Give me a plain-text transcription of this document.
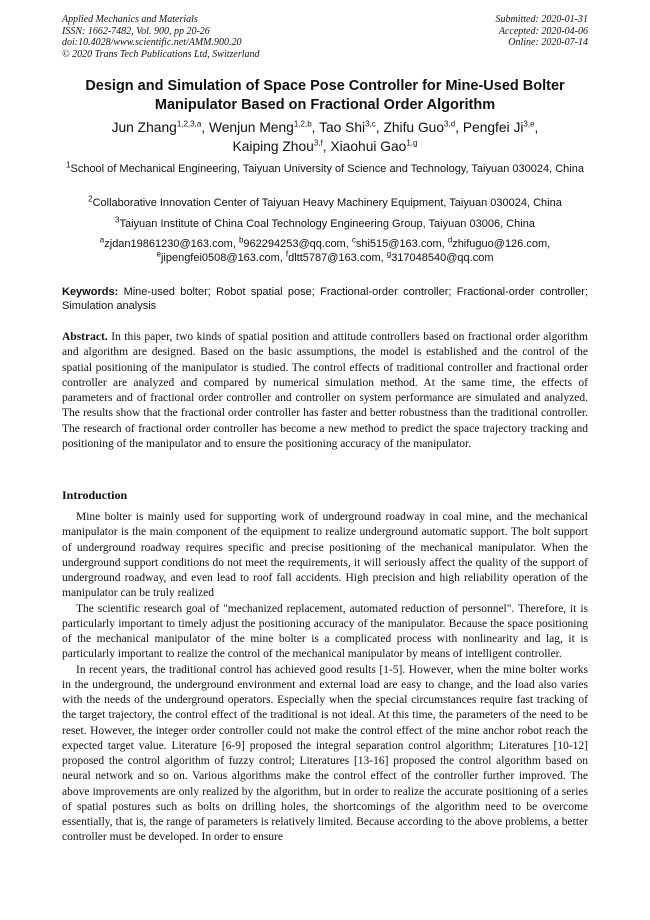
Applied Mechanics and Materials
ISSN: 1662-7482, Vol. 900, pp 20-26
doi:10.4028/www.scientific.net/AMM.900.20
© 2020 Trans Tech Publications Ltd, Switzerland
Submitted: 2020-01-31
Accepted: 2020-04-06
Online: 2020-07-14
Design and Simulation of Space Pose Controller for Mine-Used Bolter
Manipulator Based on Fractional Order Algorithm
Jun Zhang$^{1,2,3,a}$, Wenjun Meng$^{1,2,b}$, Tao Shi$^{3,c}$, Zhifu Guo$^{3,d}$, Pengfei Ji$^{3,e}$,
Kaiping Zhou$^{3,f}$, Xiaohui Gao$^{1,g}$
$^1$School of Mechanical Engineering, Taiyuan University of Science and Technology, Taiyuan 030024, China
$^2$Collaborative Innovation Center of Taiyuan Heavy Machinery Equipment, Taiyuan 030024, China
$^3$Taiyuan Institute of China Coal Technology Engineering Group, Taiyuan 03006, China
$^a$zjdan19861230@163.com, $^b$962294253@qq.com, $^c$shi515@163.com, $^d$zhifuguo@126.com,
$^e$jipengfei0508@163.com, $^f$dltt5787@163.com, $^g$317048540@qq.com
Keywords: Mine-used bolter; Robot spatial pose; Fractional-order controller; Fractional-order controller; Simulation analysis
Abstract. In this paper, two kinds of spatial position and attitude controllers based on fractional order algorithm and algorithm are designed. Based on the basic assumptions, the model is established and the control of the spatial positioning of the manipulator is studied. The control effects of traditional controller and fractional order controller are analyzed and compared by numerical simulation method. At the same time, the effects of parameters and of fractional order controller and controller on system performance are simulated and analyzed. The results show that the fractional order controller has faster and better robustness than the traditional controller. The research of fractional order controller has become a new method to predict the space trajectory tracking and positioning of the manipulator and to ensure the positioning accuracy of the manipulator.
Introduction

Mine bolter is mainly used for supporting work of underground roadway in coal mine, and the mechanical manipulator is the main component of the equipment to realize underground automatic support. The bolt support of underground roadway requires specific and precise positioning of the mechanical manipulator. When the underground support conditions do not meet the requirements, it will seriously affect the quality of the support of underground roadway, and even lead to roof fall accidents. High precision and high reliability operation of the manipulator can be truly realized

The scientific research goal of "mechanized replacement, automated reduction of personnel". Therefore, it is particularly important to timely adjust the positioning accuracy of the manipulator. Because the space positioning of the mechanical manipulator of the mine bolter is a complicated process with nonlinearity and lag, it is particularly important to realize the control of the mechanical manipulator by means of intelligent controller.

In recent years, the traditional control has achieved good results [1-5]. However, when the mine bolter works in the underground, the underground environment and external load are easy to change, and the load also varies with the needs of the underground operators. Especially when the special circumstances require fast tracking of the target trajectory, the control effect of the traditional is not ideal. At this time, the parameters of the need to be reset. However, the integer order controller could not make the control effect of the mine anchor robot reach the expected target value. Literature [6-9] proposed the integral separation control algorithm; Literatures [10-12] proposed the control algorithm of fuzzy control; Literatures [13-16] proposed the control algorithm based on neural network and so on. Various algorithms make the control effect of the controller further improved. The above improvements are only realized by the algorithm, but in order to realize the accurate positioning of a series of spatial postures such as bolts on drilling holes, the shortcomings of the algorithm need to be overcome essentially, that is, the range of parameters is relatively limited. Because according to the above problems, a better controller must be developed. In order to ensure
